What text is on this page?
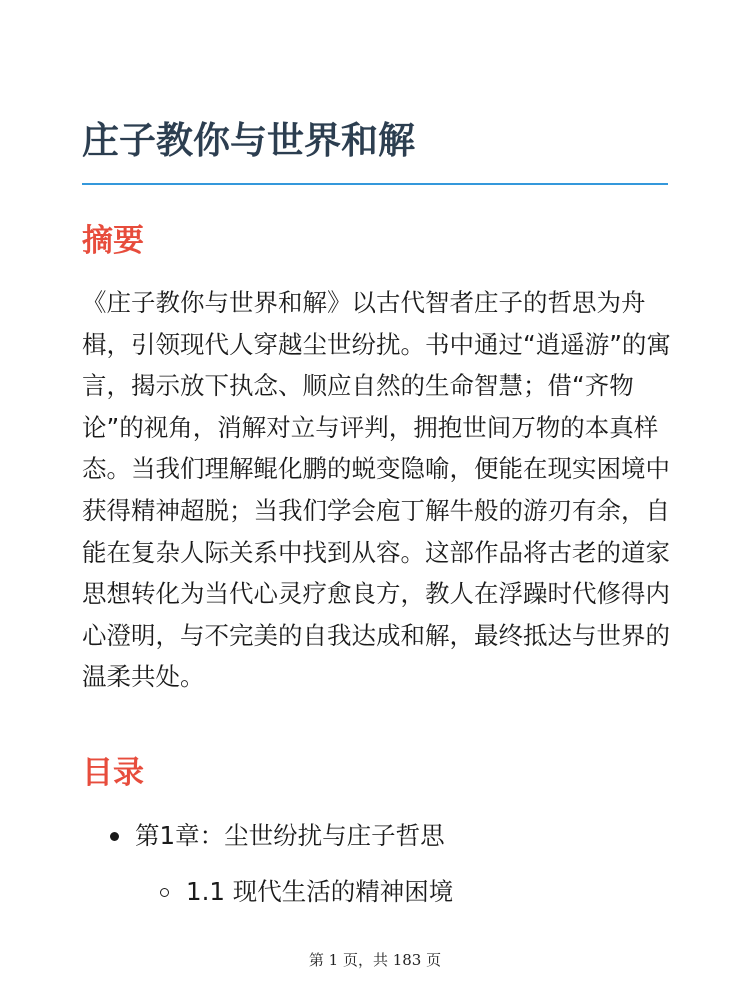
庄子教你与世界和解
摘要

《庄子教你与世界和解》以古代智者庄子的哲思为舟楫，引领现代人穿越尘世纷扰。书中通过“逍遥游”的寓言，揭示放下执念、顺应自然的生命智慧；借“齐物论”的视角，消解对立与评判，拥抱世间万物的本真样态。当我们理解鲲化鹏的蜕变隐喻，便能在现实困境中获得精神超脱；当我们学会庖丁解牛般的游刃有余，自能在复杂人际关系中找到从容。这部作品将古老的道家思想转化为当代心灵疗愈良方，教人在浮躁时代修得内心澄明，与不完美的自我达成和解，最终抵达与世界的温柔共处。

目录
第1章：尘世纷扰与庄子哲思
1.1 现代生活的精神困境
第 1 页，共 183 页
